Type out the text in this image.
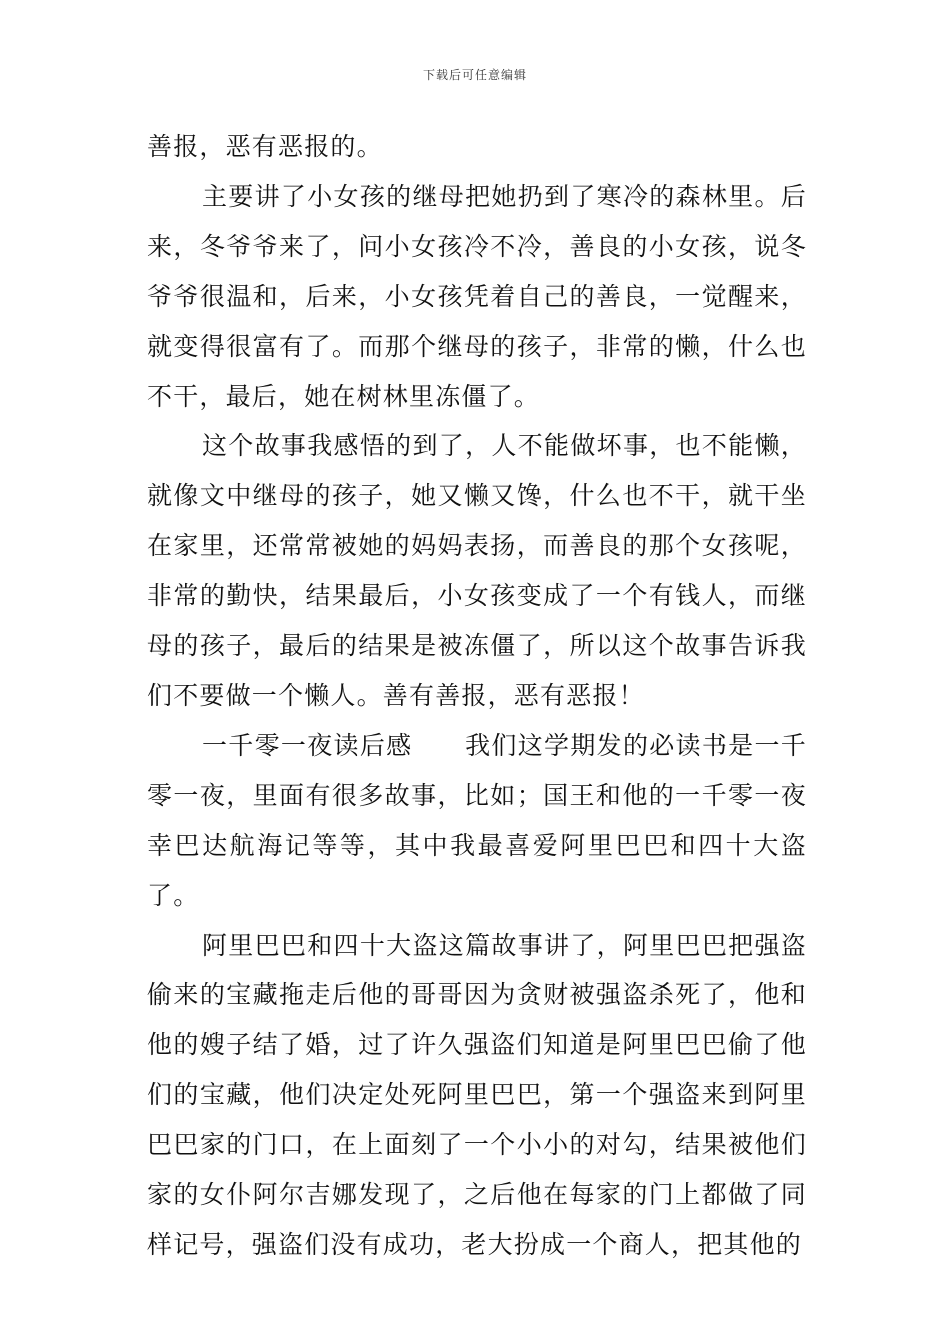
下载后可任意编辑

善报，恶有恶报的。

主要讲了小女孩的继母把她扔到了寒冷的森林里。后来，冬爷爷来了，问小女孩冷不冷，善良的小女孩，说冬爷爷很温和，后来，小女孩凭着自己的善良，一觉醒来，就变得很富有了。而那个继母的孩子，非常的懒，什么也不干，最后，她在树林里冻僵了。

这个故事我感悟的到了，人不能做坏事，也不能懒，就像文中继母的孩子，她又懒又馋，什么也不干，就干坐在家里，还常常被她的妈妈表扬，而善良的那个女孩呢，非常的勤快，结果最后，小女孩变成了一个有钱人，而继母的孩子，最后的结果是被冻僵了，所以这个故事告诉我们不要做一个懒人。善有善报，恶有恶报！

一千零一夜读后感　　我们这学期发的必读书是一千零一夜，里面有很多故事，比如；国王和他的一千零一夜幸巴达航海记等等，其中我最喜爱阿里巴巴和四十大盗了。

阿里巴巴和四十大盗这篇故事讲了，阿里巴巴把强盗偷来的宝藏拖走后他的哥哥因为贪财被强盗杀死了，他和他的嫂子结了婚，过了许久强盗们知道是阿里巴巴偷了他们的宝藏，他们决定处死阿里巴巴，第一个强盗来到阿里巴巴家的门口，在上面刻了一个小小的对勾，结果被他们家的女仆阿尔吉娜发现了，之后他在每家的门上都做了同样记号，强盗们没有成功，老大扮成一个商人，把其他的
